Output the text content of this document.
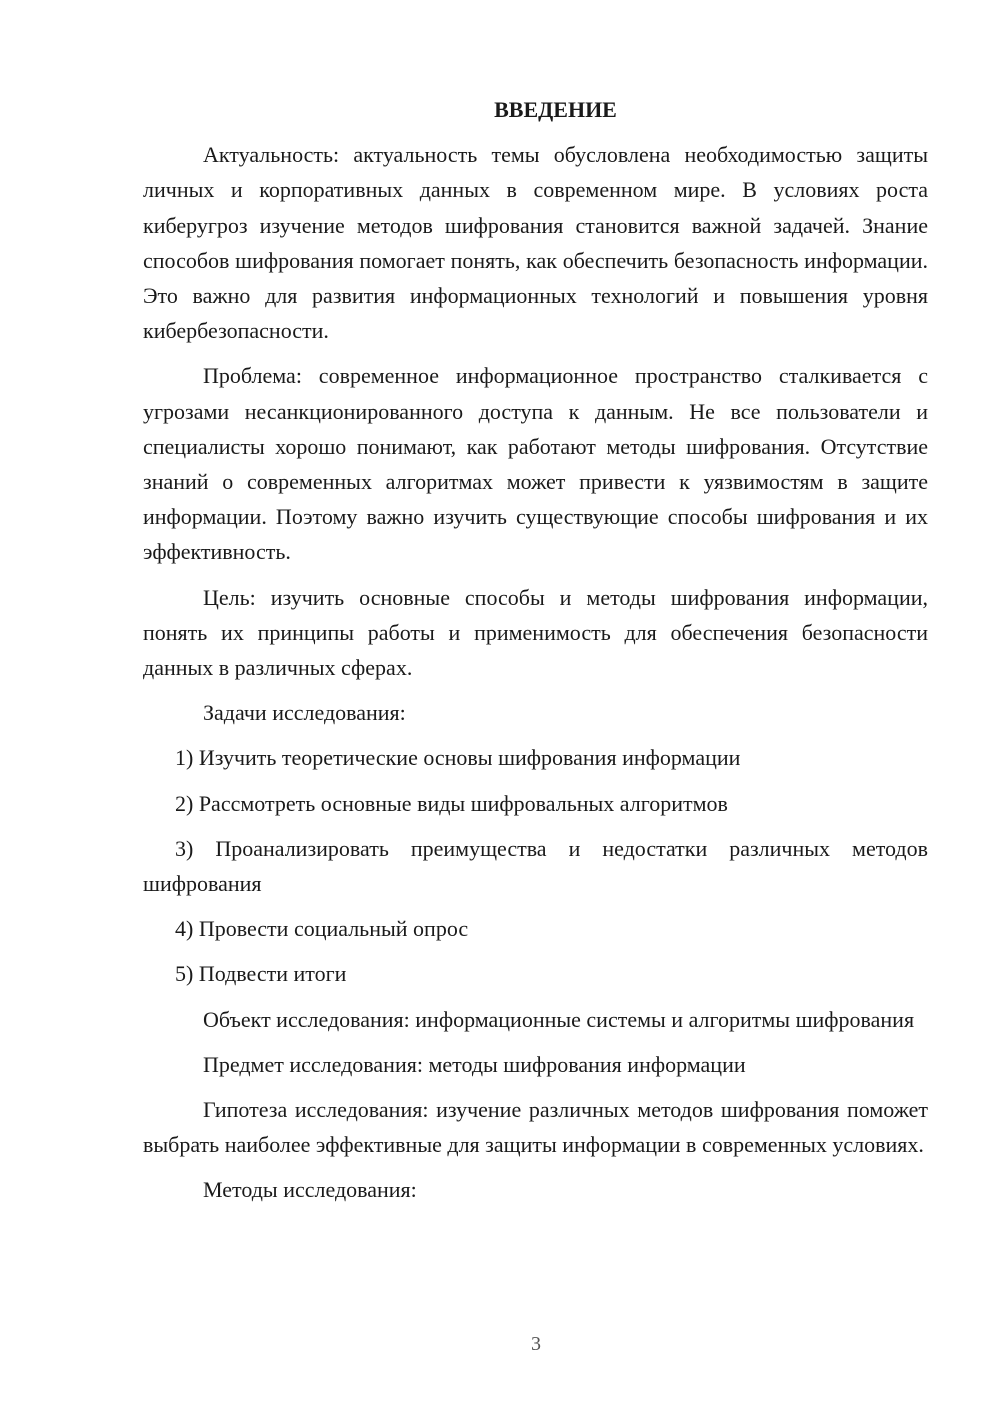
ВВЕДЕНИЕ

Актуальность: актуальность темы обусловлена необходимостью защиты личных и корпоративных данных в современном мире. В условиях роста киберугроз изучение методов шифрования становится важной задачей. Знание способов шифрования помогает понять, как обеспечить безопасность информации. Это важно для развития информационных технологий и повышения уровня кибербезопасности.

Проблема: современное информационное пространство сталкивается с угрозами несанкционированного доступа к данным. Не все пользователи и специалисты хорошо понимают, как работают методы шифрования. Отсутствие знаний о современных алгоритмах может привести к уязвимостям в защите информации. Поэтому важно изучить существующие способы шифрования и их эффективность.

Цель: изучить основные способы и методы шифрования информации, понять их принципы работы и применимость для обеспечения безопасности данных в различных сферах.

Задачи исследования:

1) Изучить теоретические основы шифрования информации

2) Рассмотреть основные виды шифровальных алгоритмов

3) Проанализировать преимущества и недостатки различных методов шифрования

4) Провести социальный опрос

5) Подвести итоги

Объект исследования: информационные системы и алгоритмы шифрования

Предмет исследования: методы шифрования информации

Гипотеза исследования: изучение различных методов шифрования поможет выбрать наиболее эффективные для защиты информации в современных условиях.

Методы исследования:

3
